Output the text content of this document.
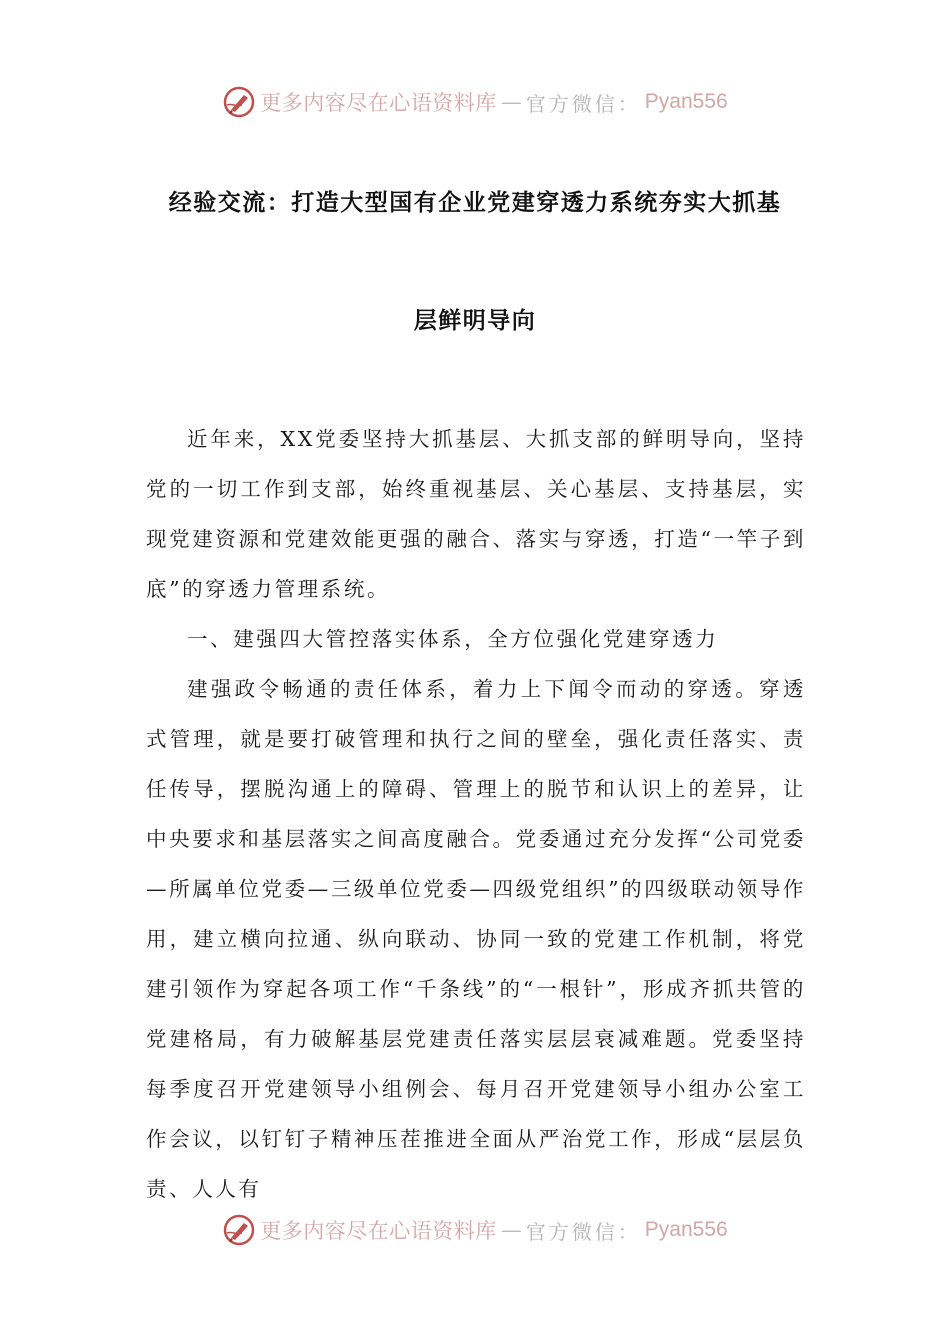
更多内容尽在心语资料库 — 官方微信： Pyan556
经验交流：打造大型国有企业党建穿透力系统夯实大抓基
层鲜明导向

近年来，XX党委坚持大抓基层、大抓支部的鲜明导向，坚持党的一切工作到支部，始终重视基层、关心基层、支持基层，实现党建资源和党建效能更强的融合、落实与穿透，打造“一竿子到底”的穿透力管理系统。

一、建强四大管控落实体系，全方位强化党建穿透力

建强政令畅通的责任体系，着力上下闻令而动的穿透。穿透式管理，就是要打破管理和执行之间的壁垒，强化责任落实、责任传导，摆脱沟通上的障碍、管理上的脱节和认识上的差异，让中央要求和基层落实之间高度融合。党委通过充分发挥“公司党委—所属单位党委—三级单位党委—四级党组织”的四级联动领导作用，建立横向拉通、纵向联动、协同一致的党建工作机制，将党建引领作为穿起各项工作“千条线”的“一根针”，形成齐抓共管的党建格局，有力破解基层党建责任落实层层衰减难题。党委坚持每季度召开党建领导小组例会、每月召开党建领导小组办公室工作会议，以钉钉子精神压茬推进全面从严治党工作，形成“层层负责、人人有

更多内容尽在心语资料库 — 官方微信： Pyan556
